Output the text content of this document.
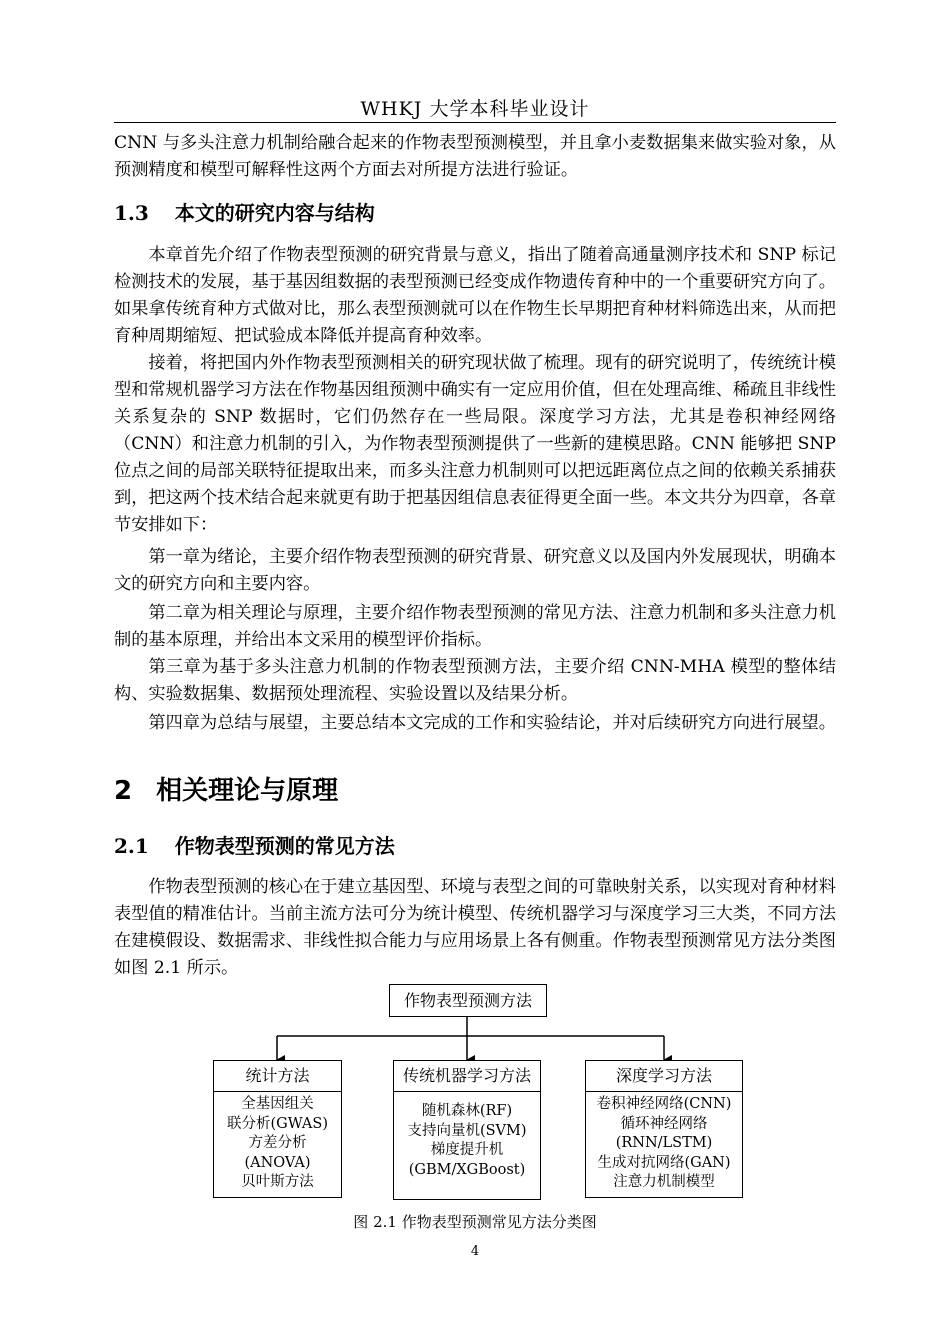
WHKJ 大学本科毕业设计

CNN 与多头注意力机制给融合起来的作物表型预测模型，并且拿小麦数据集来做实验对象，从预测精度和模型可解释性这两个方面去对所提方法进行验证。

1.3 本文的研究内容与结构

本章首先介绍了作物表型预测的研究背景与意义，指出了随着高通量测序技术和 SNP 标记检测技术的发展，基于基因组数据的表型预测已经变成作物遗传育种中的一个重要研究方向了。如果拿传统育种方式做对比，那么表型预测就可以在作物生长早期把育种材料筛选出来，从而把育种周期缩短、把试验成本降低并提高育种效率。

接着，将把国内外作物表型预测相关的研究现状做了梳理。现有的研究说明了，传统统计模型和常规机器学习方法在作物基因组预测中确实有一定应用价值，但在处理高维、稀疏且非线性关系复杂的 SNP 数据时，它们仍然存在一些局限。深度学习方法，尤其是卷积神经网络（CNN）和注意力机制的引入，为作物表型预测提供了一些新的建模思路。CNN 能够把 SNP 位点之间的局部关联特征提取出来，而多头注意力机制则可以把远距离位点之间的依赖关系捕获到，把这两个技术结合起来就更有助于把基因组信息表征得更全面一些。本文共分为四章，各章节安排如下：

第一章为绪论，主要介绍作物表型预测的研究背景、研究意义以及国内外发展现状，明确本文的研究方向和主要内容。

第二章为相关理论与原理，主要介绍作物表型预测的常见方法、注意力机制和多头注意力机制的基本原理，并给出本文采用的模型评价指标。

第三章为基于多头注意力机制的作物表型预测方法，主要介绍 CNN-MHA 模型的整体结构、实验数据集、数据预处理流程、实验设置以及结果分析。

第四章为总结与展望，主要总结本文完成的工作和实验结论，并对后续研究方向进行展望。

2 相关理论与原理
2.1 作物表型预测的常见方法

作物表型预测的核心在于建立基因型、环境与表型之间的可靠映射关系，以实现对育种材料表型值的精准估计。当前主流方法可分为统计模型、传统机器学习与深度学习三大类，不同方法在建模假设、数据需求、非线性拟合能力与应用场景上各有侧重。作物表型预测常见方法分类图如图 2.1 所示。

作物表型预测方法
统计方法
全基因组关
联分析(GWAS)
方差分析
(ANOVA)
贝叶斯方法
传统机器学习方法
随机森林(RF)
支持向量机(SVM)
梯度提升机
(GBM/XGBoost)
深度学习方法
卷积神经网络(CNN)
循环神经网络
(RNN/LSTM)
生成对抗网络(GAN)
注意力机制模型
图 2.1 作物表型预测常见方法分类图
4
